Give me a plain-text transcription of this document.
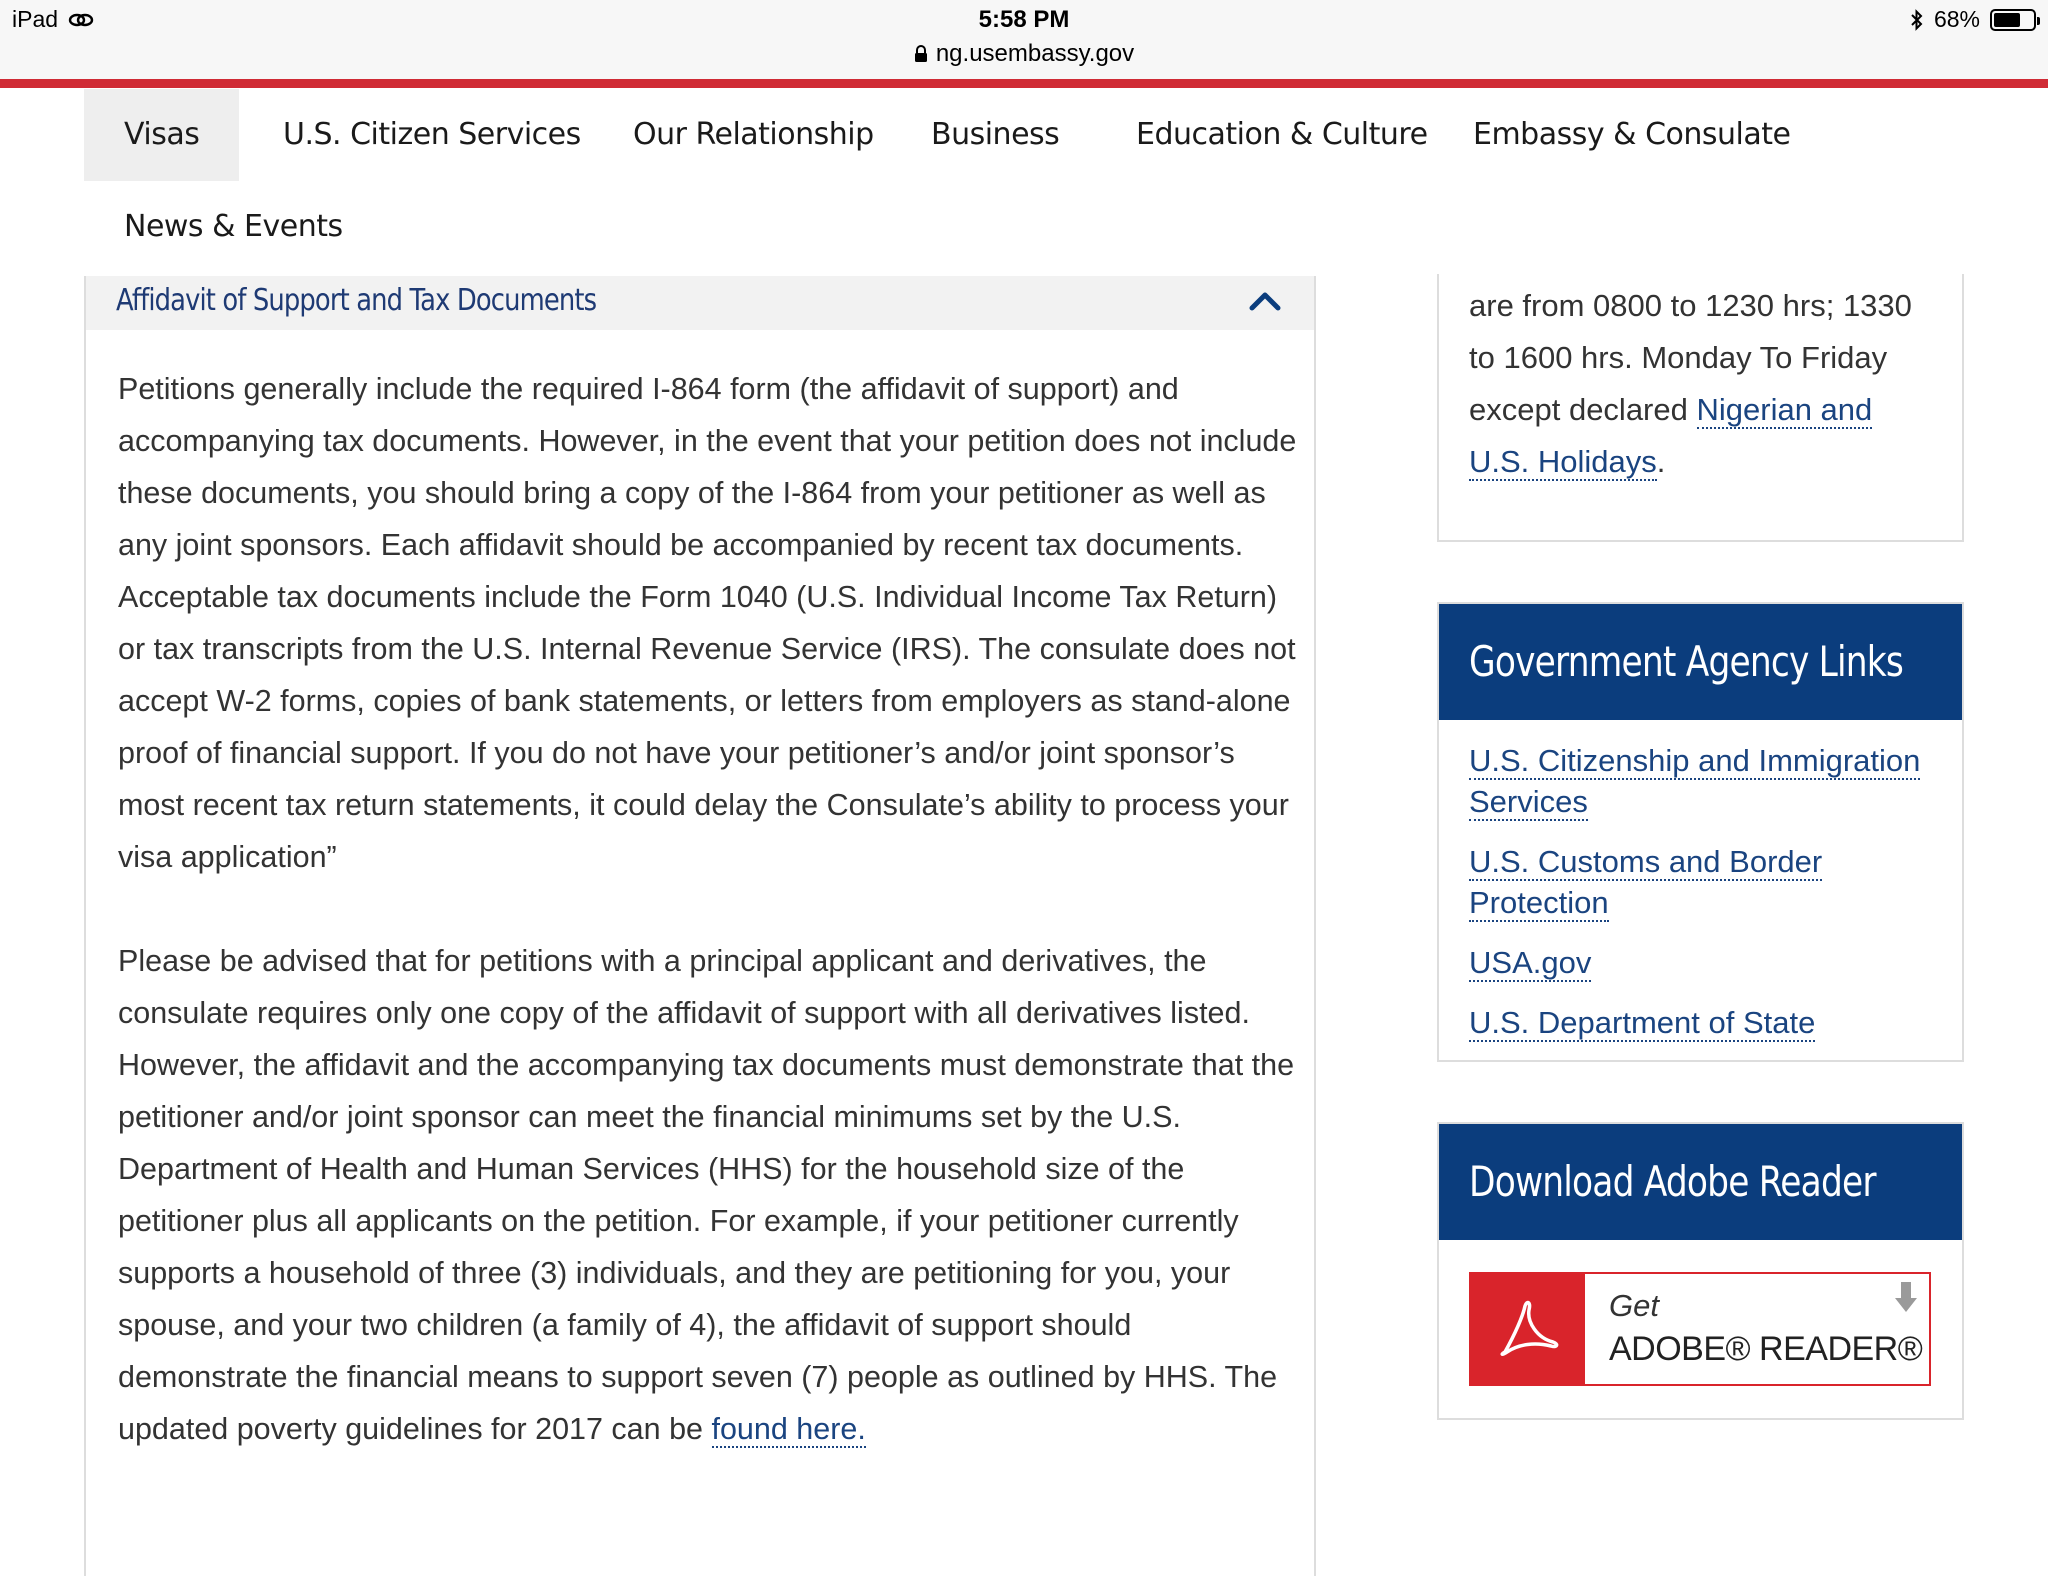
iPad	5:58 PM
ng.usembassy.gov
68%
Visas	U.S. Citizen Services Our Relationship Business	Education & Culture Embassy & Consulate
News & Events
Affidavit of Support and Tax Documents

Petitions generally include the required I-864 form (the affidavit of support) and accompanying tax documents. However, in the event that your petition does not include these documents, you should bring a copy of the I-864 from your petitioner as well as any joint sponsors. Each affidavit should be accompanied by recent tax documents. Acceptable tax documents include the Form 1040 (U.S. Individual Income Tax Return) or tax transcripts from the U.S. Internal Revenue Service (IRS). The consulate does not accept W-2 forms, copies of bank statements, or letters from employers as stand-alone proof of financial support. If you do not have your petitioner’s and/or joint sponsor’s most recent tax return statements, it could delay the Consulate’s ability to process your visa application”

Please be advised that for petitions with a principal applicant and derivatives, the consulate requires only one copy of the affidavit of support with all derivatives listed. However, the affidavit and the accompanying tax documents must demonstrate that the petitioner and/or joint sponsor can meet the financial minimums set by the U.S. Department of Health and Human Services (HHS) for the household size of the petitioner plus all applicants on the petition. For example, if your petitioner currently supports a household of three (3) individuals, and they are petitioning for you, your spouse, and your two children (a family of 4), the affidavit of support should demonstrate the financial means to support seven (7) people as outlined by HHS. The updated poverty guidelines for 2017 can be found here.

are from 0800 to 1230 hrs; 1330 to 1600 hrs. Monday To Friday except declared Nigerian and U.S. Holidays.

Government Agency Links
U.S. Citizenship and Immigration Services
U.S. Customs and Border Protection
USA.gov
U.S. Department of State
Download Adobe Reader
Get
ADOBE® READER®
